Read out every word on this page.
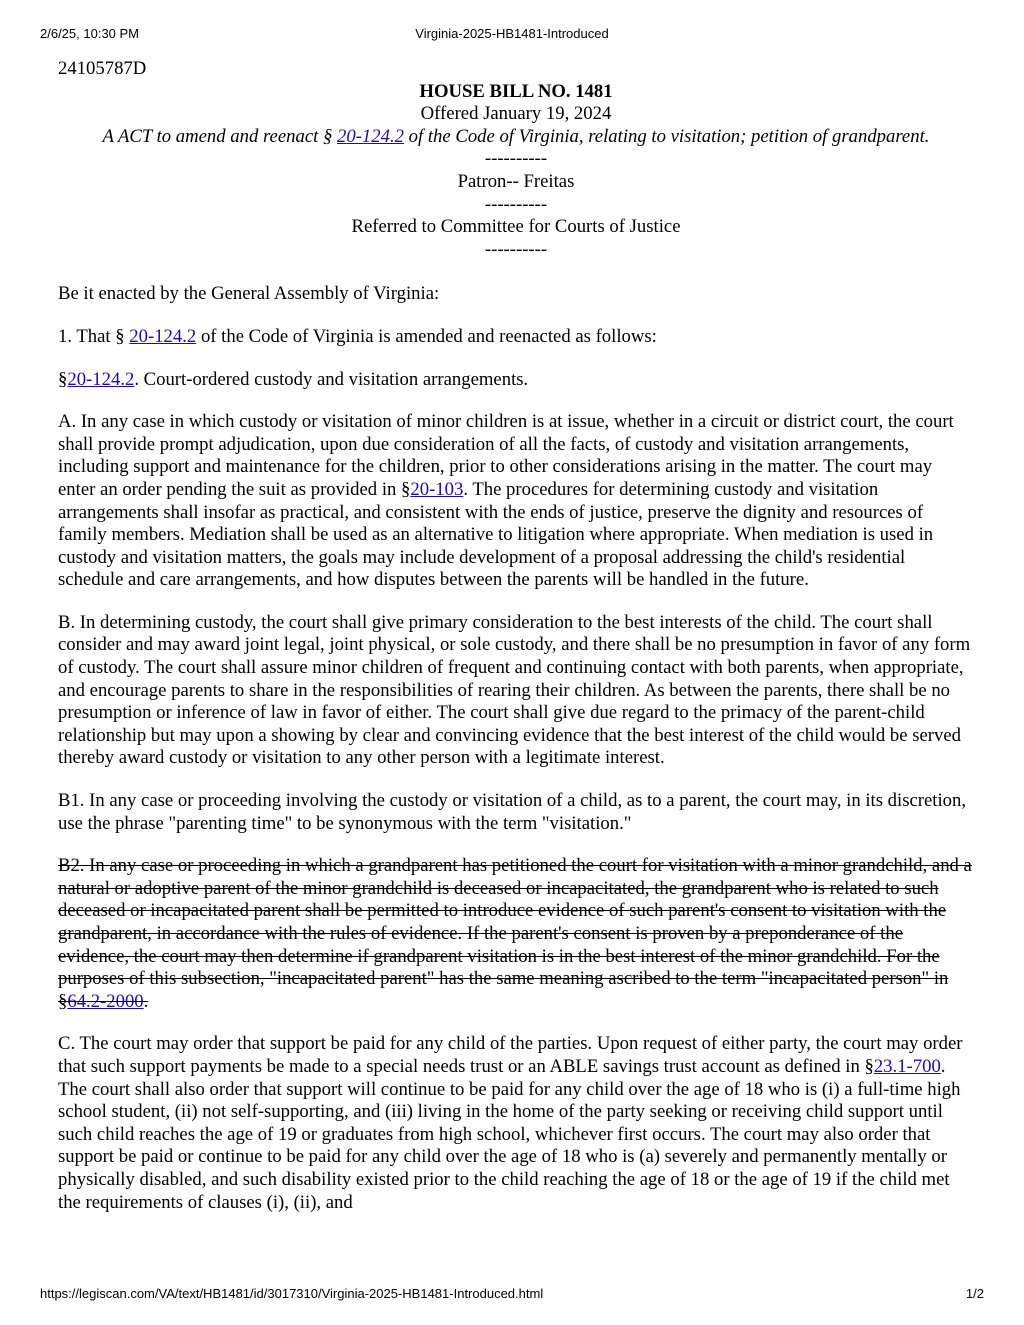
Virginia-2025-HB1481-Introduced
2/6/25, 10:30 PM

24105787D

HOUSE BILL NO. 1481

Offered January 19, 2024

A ACT to amend and reenact § 20-124.2 of the Code of Virginia, relating to visitation; petition of grandparent.

----------

Patron-- Freitas

----------

Referred to Committee for Courts of Justice

----------

Be it enacted by the General Assembly of Virginia:

1. That § 20-124.2 of the Code of Virginia is amended and reenacted as follows:

§20-124.2. Court-ordered custody and visitation arrangements.

A. In any case in which custody or visitation of minor children is at issue, whether in a circuit or district court, the court shall provide prompt adjudication, upon due consideration of all the facts, of custody and visitation arrangements, including support and maintenance for the children, prior to other considerations arising in the matter. The court may enter an order pending the suit as provided in §20-103. The procedures for determining custody and visitation arrangements shall insofar as practical, and consistent with the ends of justice, preserve the dignity and resources of family members. Mediation shall be used as an alternative to litigation where appropriate. When mediation is used in custody and visitation matters, the goals may include development of a proposal addressing the child's residential schedule and care arrangements, and how disputes between the parents will be handled in the future.

B. In determining custody, the court shall give primary consideration to the best interests of the child. The court shall consider and may award joint legal, joint physical, or sole custody, and there shall be no presumption in favor of any form of custody. The court shall assure minor children of frequent and continuing contact with both parents, when appropriate, and encourage parents to share in the responsibilities of rearing their children. As between the parents, there shall be no presumption or inference of law in favor of either. The court shall give due regard to the primacy of the parent-child relationship but may upon a showing by clear and convincing evidence that the best interest of the child would be served thereby award custody or visitation to any other person with a legitimate interest.

B1. In any case or proceeding involving the custody or visitation of a child, as to a parent, the court may, in its discretion, use the phrase "parenting time" to be synonymous with the term "visitation."

B2. In any case or proceeding in which a grandparent has petitioned the court for visitation with a minor grandchild, and a natural or adoptive parent of the minor grandchild is deceased or incapacitated, the grandparent who is related to such deceased or incapacitated parent shall be permitted to introduce evidence of such parent's consent to visitation with the grandparent, in accordance with the rules of evidence. If the parent's consent is proven by a preponderance of the evidence, the court may then determine if grandparent visitation is in the best interest of the minor grandchild. For the purposes of this subsection, "incapacitated parent" has the same meaning ascribed to the term "incapacitated person" in §64.2-2000.

C. The court may order that support be paid for any child of the parties. Upon request of either party, the court may order that such support payments be made to a special needs trust or an ABLE savings trust account as defined in §23.1-700. The court shall also order that support will continue to be paid for any child over the age of 18 who is (i) a full-time high school student, (ii) not self-supporting, and (iii) living in the home of the party seeking or receiving child support until such child reaches the age of 19 or graduates from high school, whichever first occurs. The court may also order that support be paid or continue to be paid for any child over the age of 18 who is (a) severely and permanently mentally or physically disabled, and such disability existed prior to the child reaching the age of 18 or the age of 19 if the child met the requirements of clauses (i), (ii), and

https://legiscan.com/VA/text/HB1481/id/3017310/Virginia-2025-HB1481-Introduced.html	1/2
